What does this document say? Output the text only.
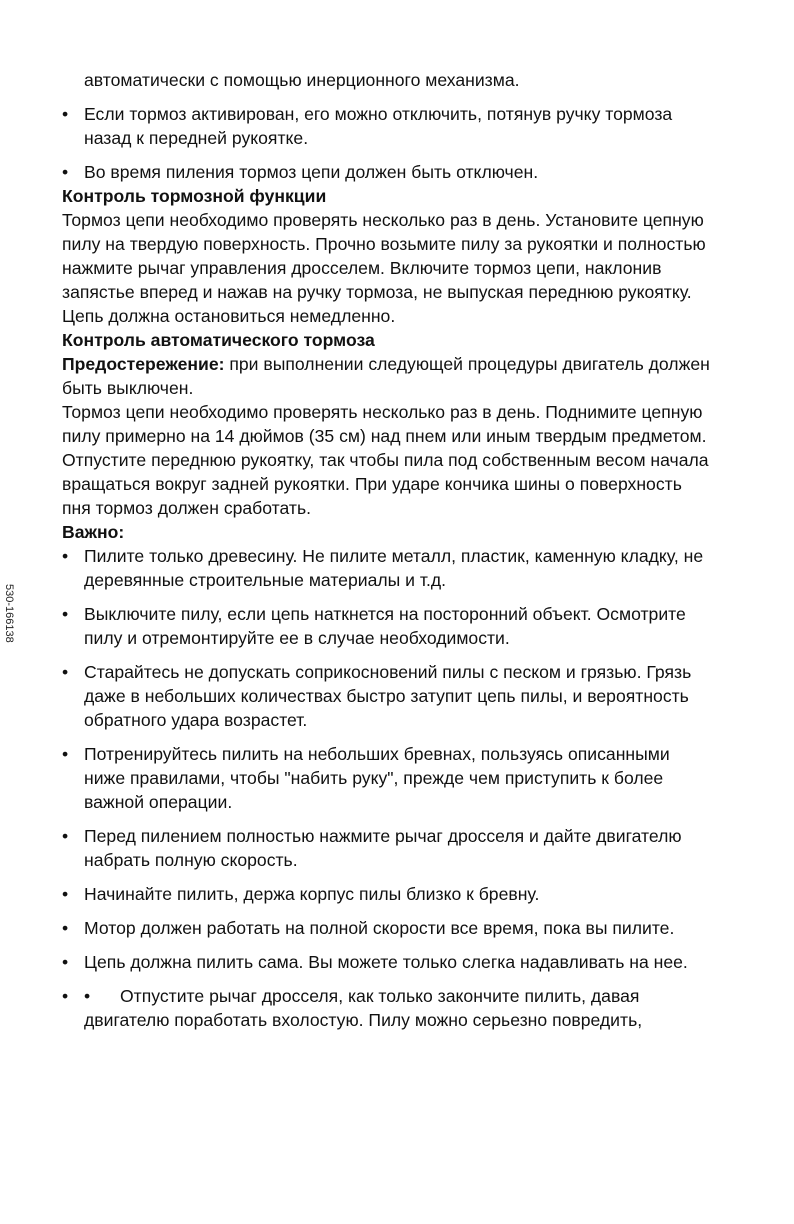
530-166138

автоматически с помощью инерционного механизма.

• Если тормоз активирован, его можно отключить, потянув ручку тормоза назад к передней рукоятке.
• Во время пиления тормоз цепи должен быть отключен.

Контроль тормозной функции

Тормоз цепи необходимо проверять несколько раз в день. Установите цепную пилу на твердую поверхность. Прочно возьмите пилу за рукоятки и полностью нажмите рычаг управления дросселем. Включите тормоз цепи, наклонив запястье вперед и нажав на ручку тормоза, не выпуская переднюю рукоятку. Цепь должна остановиться немедленно.

Контроль автоматического тормоза

Предостережение: при выполнении следующей процедуры двигатель должен быть выключен.

Тормоз цепи необходимо проверять несколько раз в день. Поднимите цепную пилу примерно на 14 дюймов (35 см) над пнем или иным твердым предметом. Отпустите переднюю рукоятку, так чтобы пила под собственным весом начала вращаться вокруг задней рукоятки. При ударе кончика шины о поверхность пня тормоз должен сработать.

Важно:

• Пилите только древесину. Не пилите металл, пластик, каменную кладку, не деревянные строительные материалы и т.д.
• Выключите пилу, если цепь наткнется на посторонний объект. Осмотрите пилу и отремонтируйте ее в случае необходимости.
• Старайтесь не допускать соприкосновений пилы с песком и грязью. Грязь даже в небольших количествах быстро затупит цепь пилы, и вероятность обратного удара возрастет.
• Потренируйтесь пилить на небольших бревнах, пользуясь описанными ниже правилами, чтобы "набить руку", прежде чем приступить к более важной операции.
• Перед пилением полностью нажмите рычаг дросселя и дайте двигателю набрать полную скорость.
• Начинайте пилить, держа корпус пилы близко к бревну.
• Мотор должен работать на полной скорости все время, пока вы пилите.
• Цепь должна пилить сама. Вы можете только слегка надавливать на нее.
• • Отпустите рычаг дросселя, как только закончите пилить, давая двигателю поработать вхолостую. Пилу можно серьезно повредить,
